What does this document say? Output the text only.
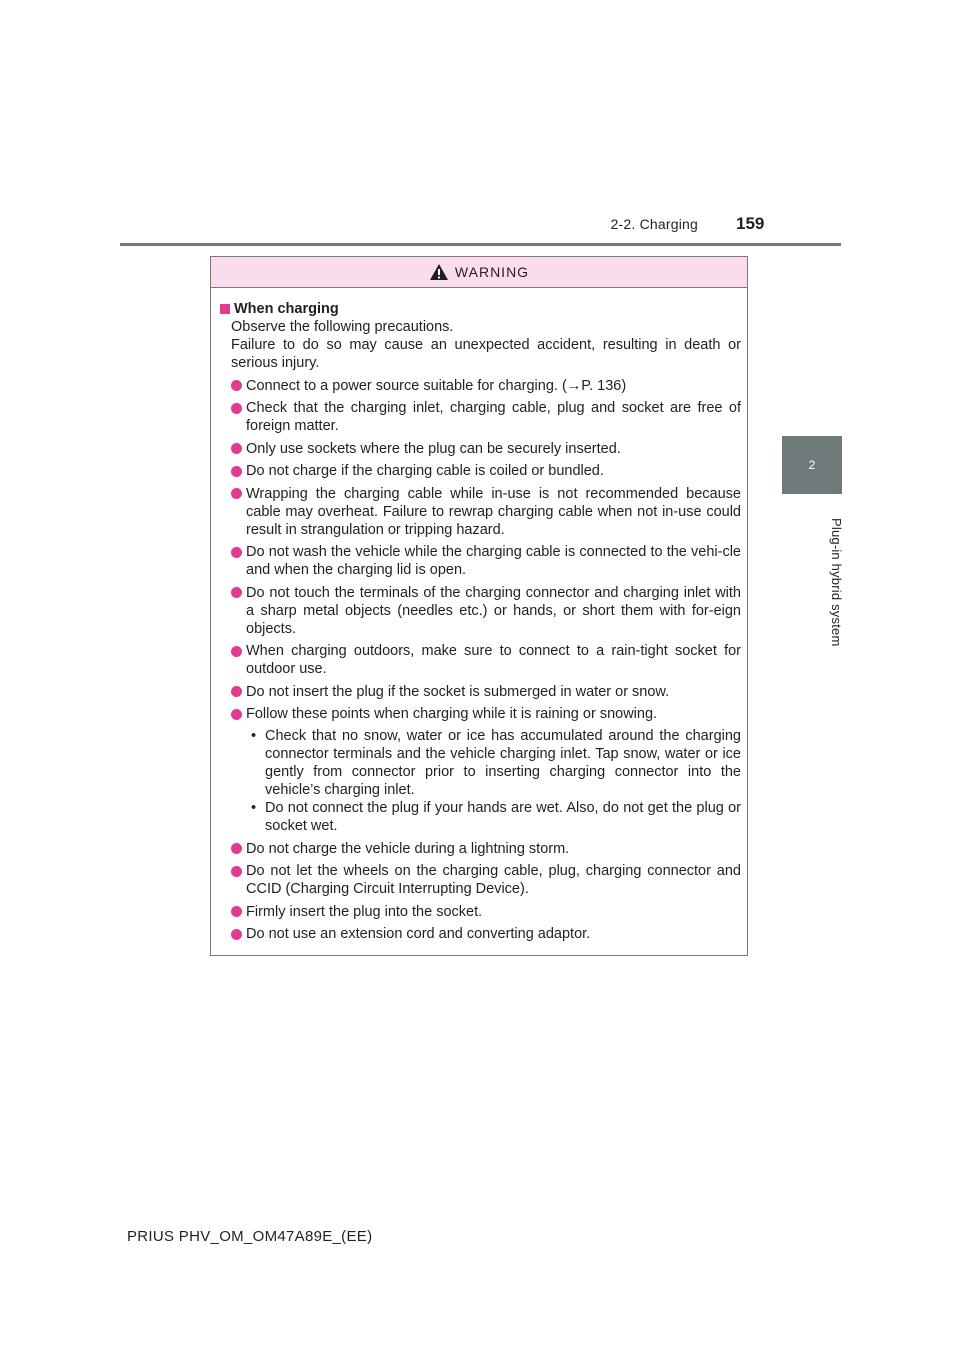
2-2. Charging 159
2
Plug-in hybrid system
WARNING
When charging

Observe the following precautions.

Failure to do so may cause an unexpected accident, resulting in death or serious injury.

Connect to a power source suitable for charging. (→P. 136)
Check that the charging inlet, charging cable, plug and socket are free of foreign matter.
Only use sockets where the plug can be securely inserted.
Do not charge if the charging cable is coiled or bundled.
Wrapping the charging cable while in-use is not recommended because cable may overheat. Failure to rewrap charging cable when not in-use could result in strangulation or tripping hazard.
Do not wash the vehicle while the charging cable is connected to the vehi-cle and when the charging lid is open.
Do not touch the terminals of the charging connector and charging inlet with a sharp metal objects (needles etc.) or hands, or short them with for-eign objects.
When charging outdoors, make sure to connect to a rain-tight socket for outdoor use.
Do not insert the plug if the socket is submerged in water or snow.
Follow these points when charging while it is raining or snowing.
• Check that no snow, water or ice has accumulated around the charging connector terminals and the vehicle charging inlet. Tap snow, water or ice gently from connector prior to inserting charging connector into the vehicle’s charging inlet.
• Do not connect the plug if your hands are wet. Also, do not get the plug or socket wet.
Do not charge the vehicle during a lightning storm.
Do not let the wheels on the charging cable, plug, charging connector and CCID (Charging Circuit Interrupting Device).
Firmly insert the plug into the socket.
Do not use an extension cord and converting adaptor.
PRIUS PHV_OM_OM47A89E_(EE)
